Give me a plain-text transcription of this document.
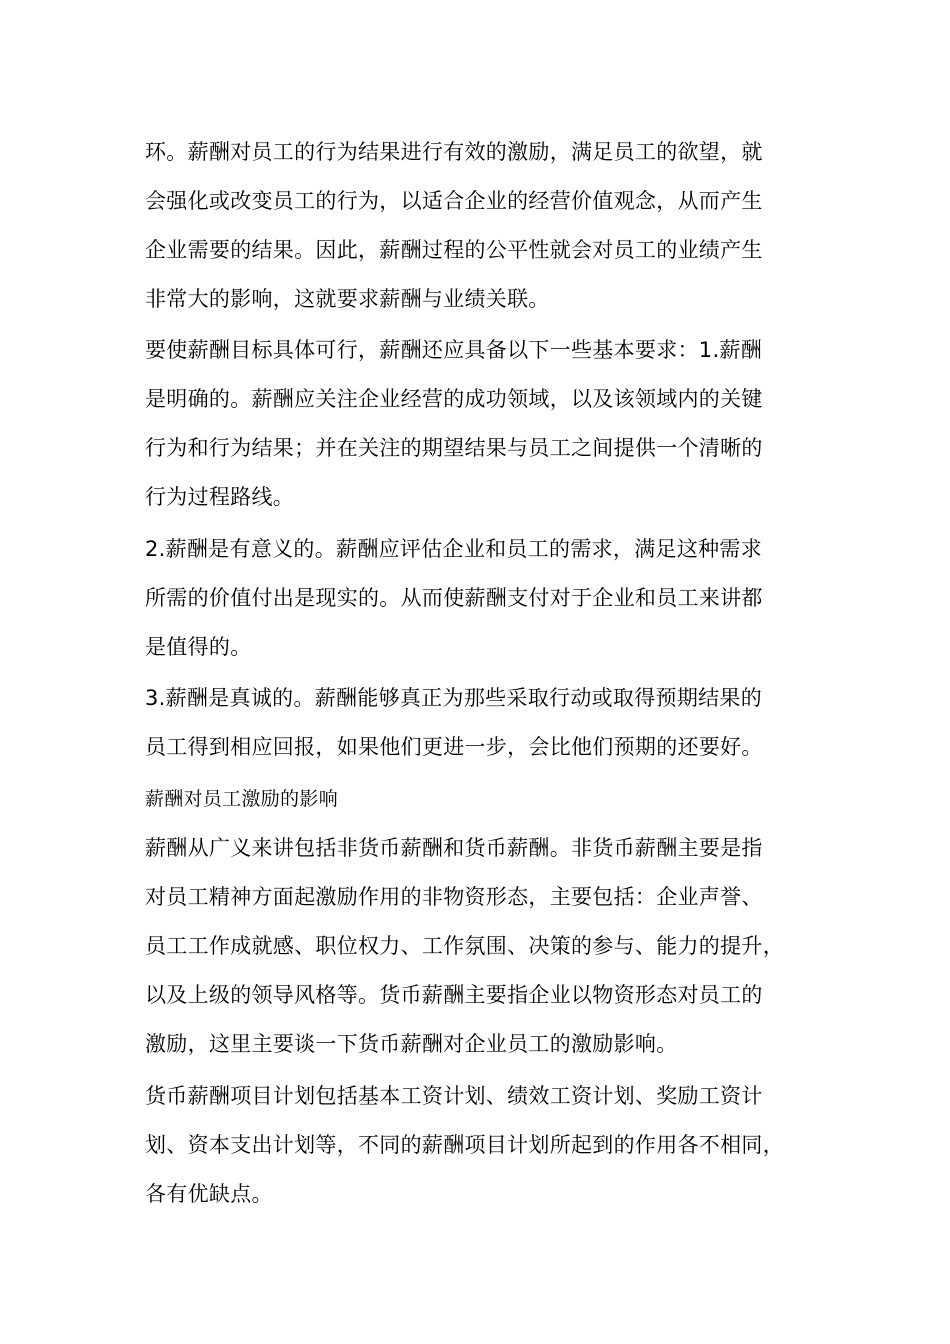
环。薪酬对员工的行为结果进行有效的激励，满足员工的欲望，就
会强化或改变员工的行为，以适合企业的经营价值观念，从而产生
企业需要的结果。因此，薪酬过程的公平性就会对员工的业绩产生
非常大的影响，这就要求薪酬与业绩关联。
要使薪酬目标具体可行，薪酬还应具备以下一些基本要求：1.薪酬
是明确的。薪酬应关注企业经营的成功领域，以及该领域内的关键
行为和行为结果；并在关注的期望结果与员工之间提供一个清晰的
行为过程路线。
2.薪酬是有意义的。薪酬应评估企业和员工的需求，满足这种需求
所需的价值付出是现实的。从而使薪酬支付对于企业和员工来讲都
是值得的。
3.薪酬是真诚的。薪酬能够真正为那些采取行动或取得预期结果的
员工得到相应回报，如果他们更进一步，会比他们预期的还要好。
薪酬对员工激励的影响
薪酬从广义来讲包括非货币薪酬和货币薪酬。非货币薪酬主要是指
对员工精神方面起激励作用的非物资形态，主要包括：企业声誉、
员工工作成就感、职位权力、工作氛围、决策的参与、能力的提升，
以及上级的领导风格等。货币薪酬主要指企业以物资形态对员工的
激励，这里主要谈一下货币薪酬对企业员工的激励影响。
货币薪酬项目计划包括基本工资计划、绩效工资计划、奖励工资计
划、资本支出计划等，不同的薪酬项目计划所起到的作用各不相同，
各有优缺点。
